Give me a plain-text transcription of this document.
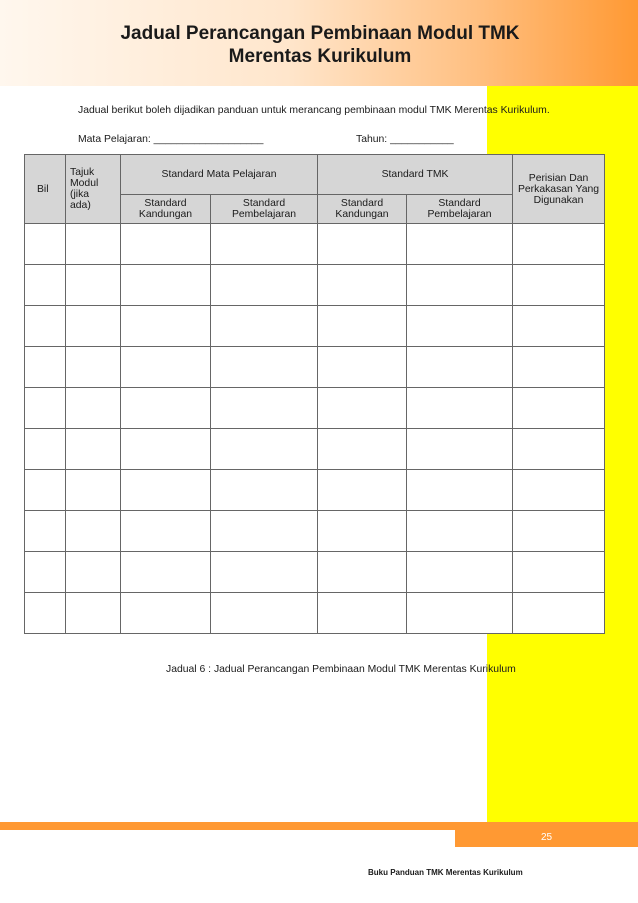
Jadual Perancangan Pembinaan Modul TMK
Merentas Kurikulum
Jadual berikut boleh dijadikan panduan untuk merancang pembinaan modul TMK Merentas Kurikulum.
Mata Pelajaran: ___________________	Tahun: ___________
Bil	Tajuk Modul (jika ada)	Standard Mata Pelajaran		Standard TMK		Perisian Dan Perkakasan Yang Digunakan
		Standard Kandungan	Standard Pembelajaran	Standard Kandungan	Standard Pembelajaran	

Jadual 6 : Jadual Perancangan Pembinaan Modul TMK Merentas Kurikulum
25
Buku Panduan TMK Merentas Kurikulum
